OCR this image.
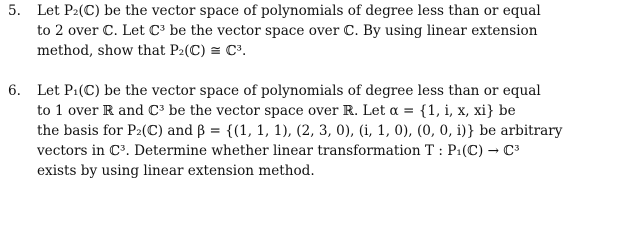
5. Let P₂(ℂ) be the vector space of polynomials of degree less than or equal
to 2 over ℂ. Let ℂ³ be the vector space over ℂ. By using linear extension
method, show that P₂(ℂ) ≅ ℂ³.
6. Let P₁(ℂ) be the vector space of polynomials of degree less than or equal
to 1 over ℝ and ℂ³ be the vector space over ℝ. Let α = {1, i, x, xi} be
the basis for P₂(ℂ) and β = {(1, 1, 1), (2, 3, 0), (i, 1, 0), (0, 0, i)} be arbitrary
vectors in ℂ³. Determine whether linear transformation T : P₁(ℂ) → ℂ³
exists by using linear extension method.
